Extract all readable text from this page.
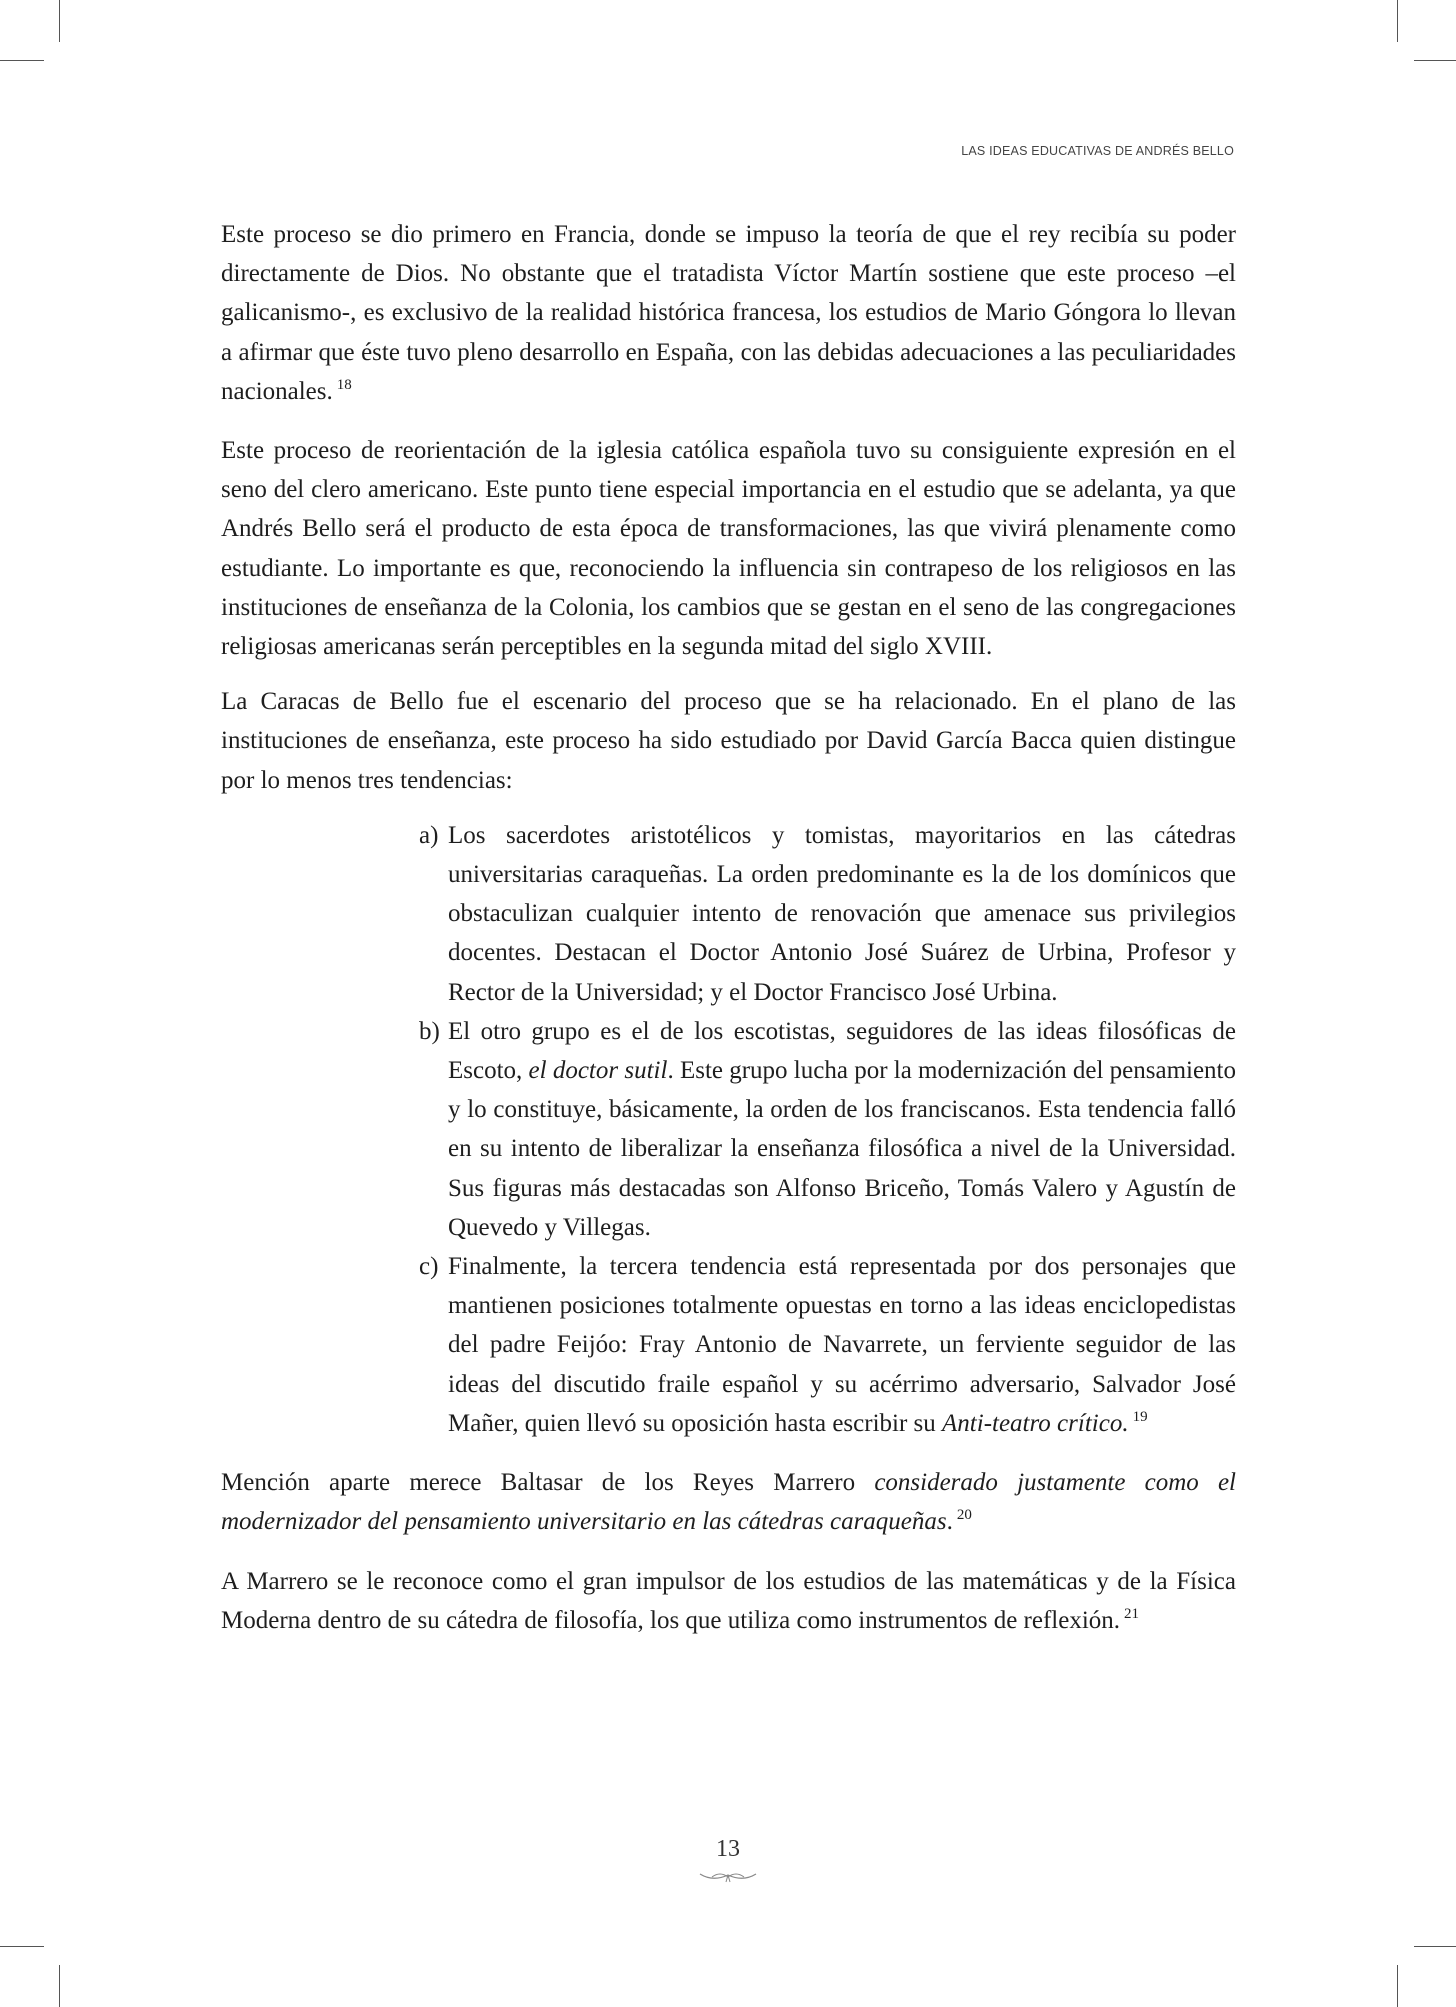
LAS IDEAS EDUCATIVAS DE ANDRÉS BELLO

Este proceso se dio primero en Francia, donde se impuso la teoría de que el rey recibía su poder directamente de Dios. No obstante que el tratadista Víctor Martín sostiene que este proceso –el galicanismo-, es exclusivo de la realidad histórica francesa, los estudios de Mario Góngora lo llevan a afirmar que éste tuvo pleno desarrollo en España, con las debidas adecuaciones a las peculiaridades nacionales. $^{18}$

Este proceso de reorientación de la iglesia católica española tuvo su consiguiente expresión en el seno del clero americano. Este punto tiene especial importancia en el estudio que se adelanta, ya que Andrés Bello será el producto de esta época de transformaciones, las que vivirá plenamente como estudiante. Lo importante es que, reconociendo la influencia sin contrapeso de los religiosos en las instituciones de enseñanza de la Colonia, los cambios que se gestan en el seno de las congregaciones religiosas americanas serán perceptibles en la segunda mitad del siglo XVIII.

La Caracas de Bello fue el escenario del proceso que se ha relacionado. En el plano de las instituciones de enseñanza, este proceso ha sido estudiado por David García Bacca quien distingue por lo menos tres tendencias:

a) Los sacerdotes aristotélicos y tomistas, mayoritarios en las cátedras universitarias caraqueñas. La orden predominante es la de los domínicos que obstaculizan cualquier intento de renovación que amenace sus privilegios docentes. Destacan el Doctor Antonio José Suárez de Urbina, Profesor y Rector de la Universidad; y el Doctor Francisco José Urbina.
b) El otro grupo es el de los escotistas, seguidores de las ideas filosóficas de Escoto, el doctor sutil. Este grupo lucha por la modernización del pensamiento y lo constituye, básicamente, la orden de los franciscanos. Esta tendencia falló en su intento de liberalizar la enseñanza filosófica a nivel de la Universidad. Sus figuras más destacadas son Alfonso Briceño, Tomás Valero y Agustín de Quevedo y Villegas.
c) Finalmente, la tercera tendencia está representada por dos personajes que mantienen posiciones totalmente opuestas en torno a las ideas enciclopedistas del padre Feijóo: Fray Antonio de Navarrete, un ferviente seguidor de las ideas del discutido fraile español y su acérrimo adversario, Salvador José Mañer, quien llevó su oposición hasta escribir su Anti-teatro crítico. $^{19}$

Mención aparte merece Baltasar de los Reyes Marrero considerado justamente como el modernizador del pensamiento universitario en las cátedras caraqueñas. $^{20}$

A Marrero se le reconoce como el gran impulsor de los estudios de las matemáticas y de la Física Moderna dentro de su cátedra de filosofía, los que utiliza como instrumentos de reflexión. $^{21}$

13
